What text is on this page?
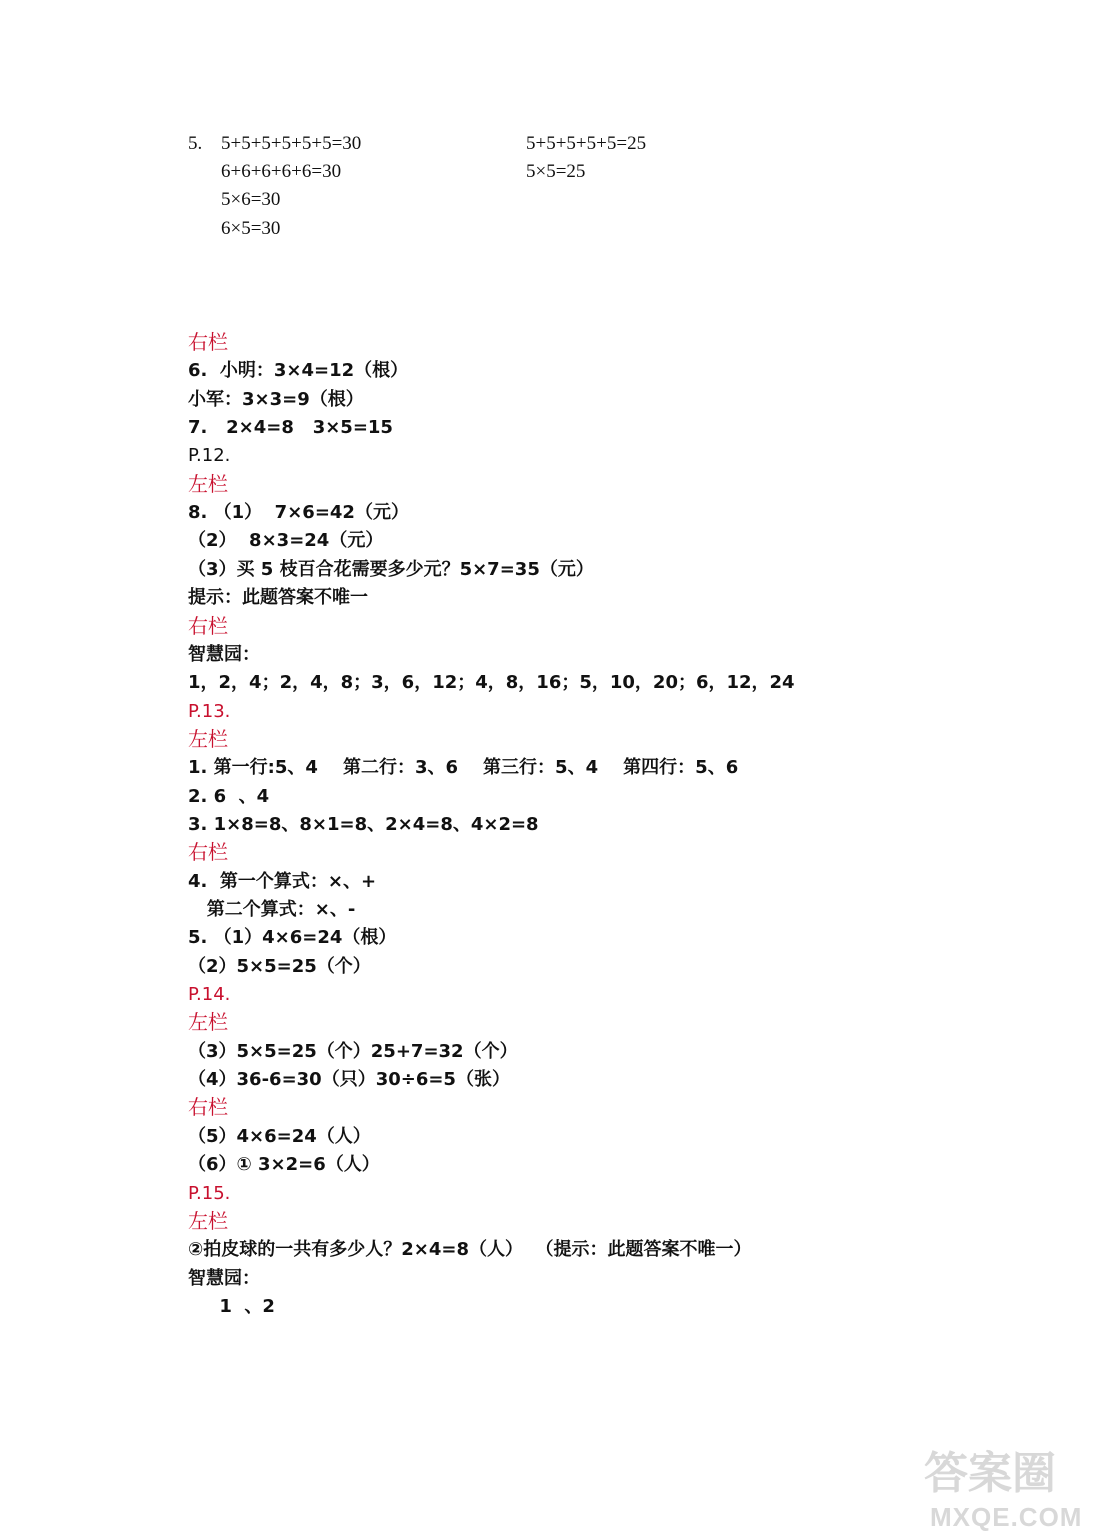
5. 5+5+5+5+5+5=30
6+6+6+6+6=30
5×6=30
6×5=30
5+5+5+5+5=25
5×5=25
右栏
6.  小明：3×4=12（根）
小军：3×3=9（根）
7.   2×4=8   3×5=15
P.12.
左栏
8. （1）  7×6=42（元）
（2）  8×3=24（元）
（3）买 5 枝百合花需要多少元？5×7=35（元）
提示：此题答案不唯一
右栏
智慧园：
1，2，4；2，4，8；3，6，12；4，8，16；5，10，20；6，12，24
P.13.
左栏
1. 第一行:5、4    第二行：3、6    第三行：5、4    第四行：5、6
2. 6  、4
3. 1×8=8、8×1=8、2×4=8、4×2=8
右栏
4.  第一个算式：×、+
第二个算式：×、-
5. （1）4×6=24（根）
（2）5×5=25（个）
P.14.
左栏
（3）5×5=25（个）25+7=32（个）
（4）36-6=30（只）30÷6=5（张）
右栏
（5）4×6=24（人）
（6）① 3×2=6（人）
P.15.
左栏
②拍皮球的一共有多少人？2×4=8（人）  （提示：此题答案不唯一）
智慧园：
1  、2
答案圈
MXQE.COM
